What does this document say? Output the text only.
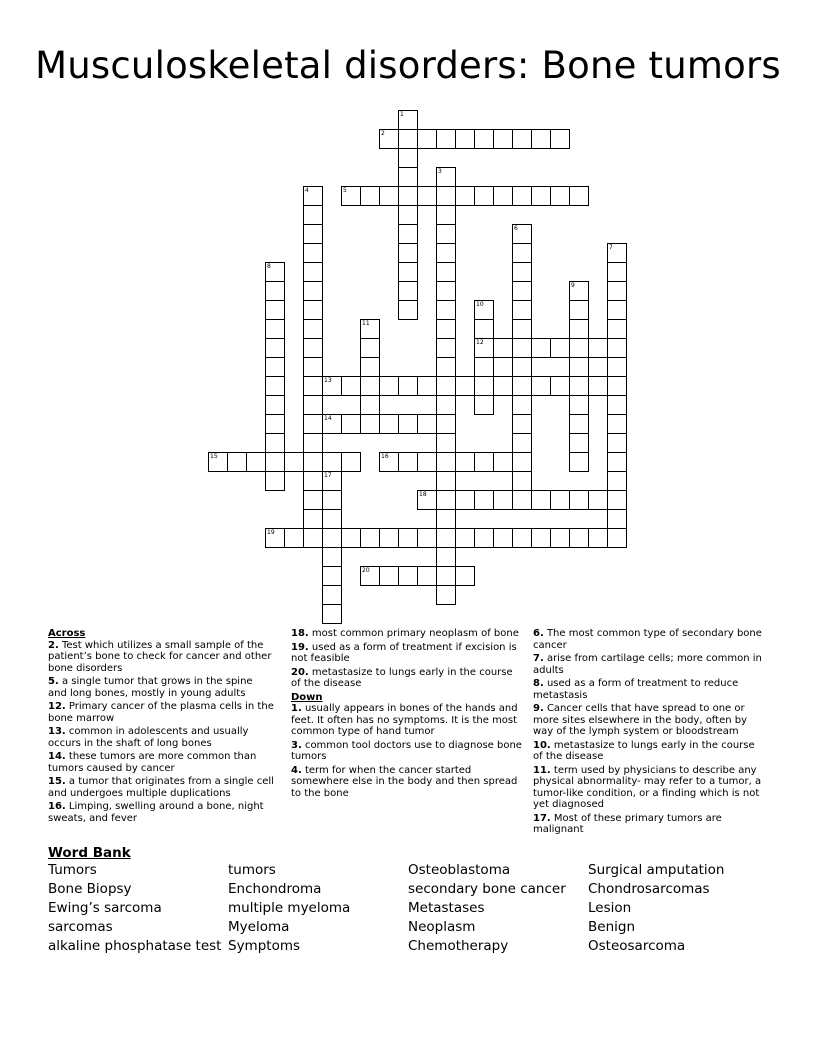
Musculoskeletal disorders: Bone tumors
1
2
3
4	5
6
7
8
9
10
12
11
13
14
15	16
17
18
19
20
Across
2. Test which utilizes a small sample of the patient’s bone to check for cancer and other bone disorders
5. a single tumor that grows in the spine and long bones, mostly in young adults
12. Primary cancer of the plasma cells in the bone marrow
13. common in adolescents and usually occurs in the shaft of long bones
14. these tumors are more common than tumors caused by cancer
15. a tumor that originates from a single cell and undergoes multiple duplications
16. Limping, swelling around a bone, night sweats, and fever
18. most common primary neoplasm of bone
19. used as a form of treatment if excision is not feasible
20. metastasize to lungs early in the course of the disease
Down
1. usually appears in bones of the hands and feet. It often has no symptoms. It is the most common type of hand tumor
3. common tool doctors use to diagnose bone tumors
4. term for when the cancer started somewhere else in the body and then spread to the bone
6. The most common type of secondary bone cancer
7. arise from cartilage cells; more common in adults
8. used as a form of treatment to reduce metastasis
9. Cancer cells that have spread to one or more sites elsewhere in the body, often by way of the lymph system or bloodstream
10. metastasize to lungs early in the course of the disease
11. term used by physicians to describe any physical abnormality- may refer to a tumor, a tumor-like condition, or a finding which is not yet diagnosed
17. Most of these primary tumors are malignant
Word Bank
Tumors
Bone Biopsy
Ewing’s sarcoma
sarcomas
alkaline phosphatase test
tumors
Enchondroma
multiple myeloma
Myeloma
Symptoms
Osteoblastoma
secondary bone cancer
Metastases
Neoplasm
Chemotherapy
Surgical amputation
Chondrosarcomas
Lesion
Benign
Osteosarcoma
